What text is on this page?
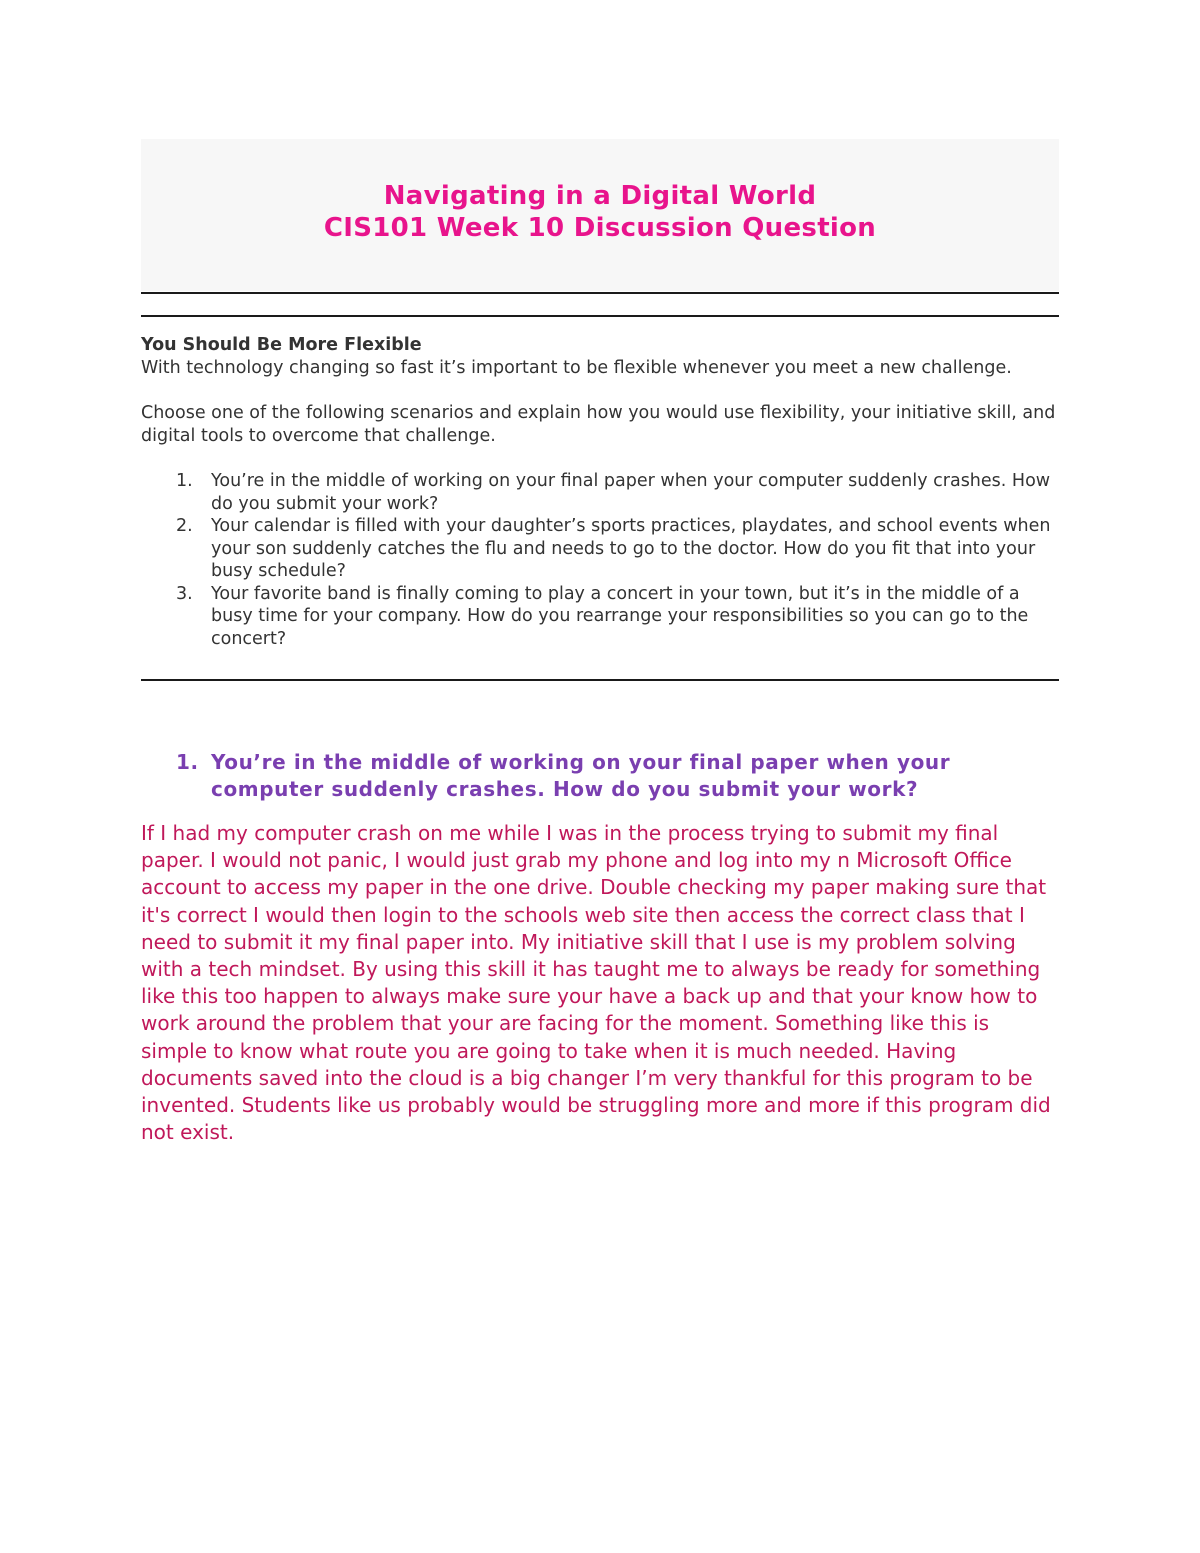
Navigating in a Digital World
CIS101 Week 10 Discussion Question

You Should Be More Flexible

With technology changing so fast it’s important to be flexible whenever you meet a new challenge.

Choose one of the following scenarios and explain how you would use flexibility, your initiative skill, and digital tools to overcome that challenge.

1. You’re in the middle of working on your final paper when your computer suddenly crashes. How do you submit your work?
2. Your calendar is filled with your daughter’s sports practices, playdates, and school events when your son suddenly catches the flu and needs to go to the doctor. How do you fit that into your busy schedule?
3. Your favorite band is finally coming to play a concert in your town, but it’s in the middle of a busy time for your company. How do you rearrange your responsibilities so you can go to the concert?
1. You’re in the middle of working on your final paper when your computer suddenly crashes. How do you submit your work?

If I had my computer crash on me while I was in the process trying to submit my final paper. I would not panic, I would just grab my phone and log into my n Microsoft Office account to access my paper in the one drive. Double checking my paper making sure that it's correct I would then login to the schools web site then access the correct class that I need to submit it my final paper into. My initiative skill that I use is my problem solving with a tech mindset. By using this skill it has taught me to always be ready for something like this too happen to always make sure your have a back up and that your know how to work around the problem that your are facing for the moment. Something like this is simple to know what route you are going to take when it is much needed. Having documents saved into the cloud is a big changer I’m very thankful for this program to be invented. Students like us probably would be struggling more and more if this program did not exist.
